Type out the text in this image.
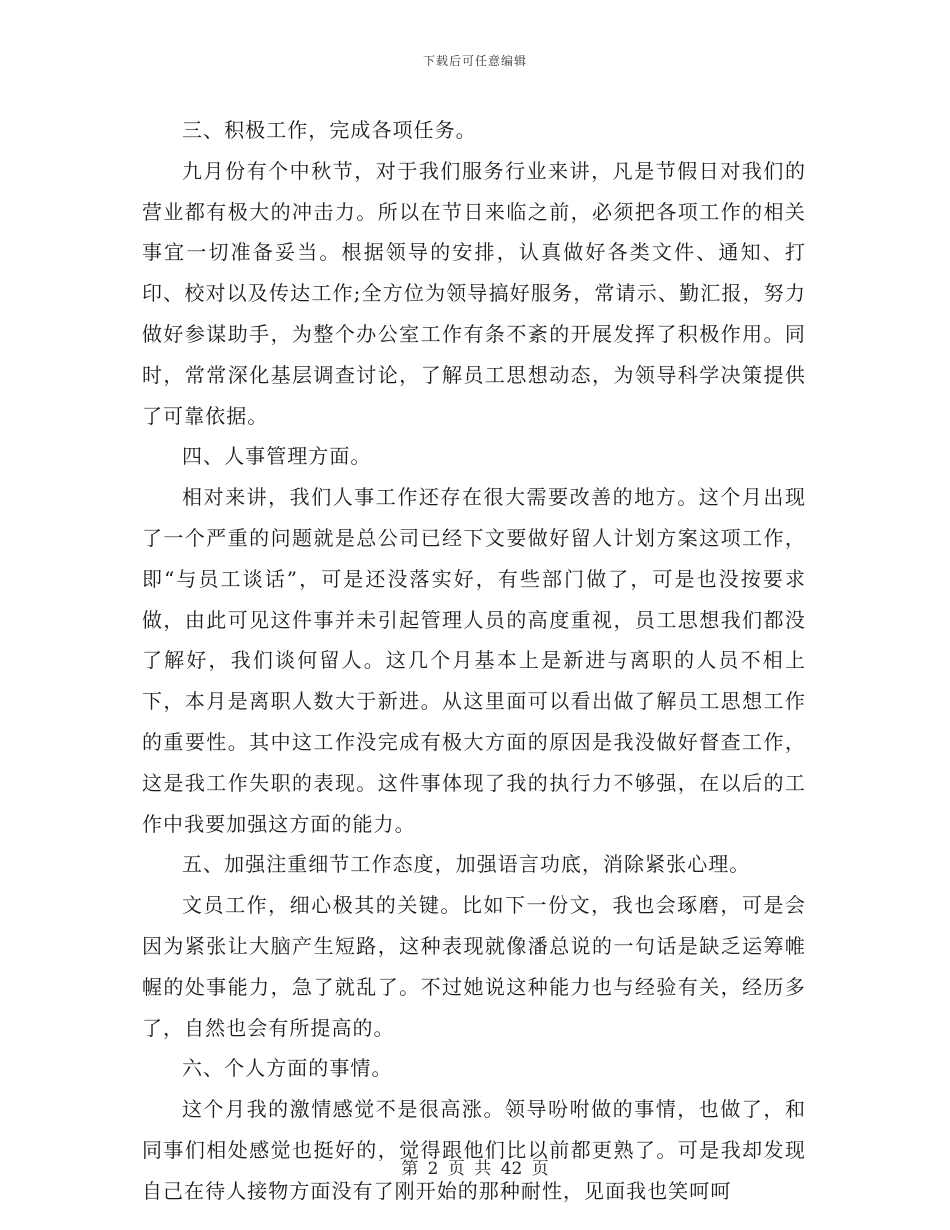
下载后可任意编辑

三、积极工作，完成各项任务。

九月份有个中秋节，对于我们服务行业来讲，凡是节假日对我们的营业都有极大的冲击力。所以在节日来临之前，必须把各项工作的相关事宜一切准备妥当。根据领导的安排，认真做好各类文件、通知、打印、校对以及传达工作;全方位为领导搞好服务，常请示、勤汇报，努力做好参谋助手，为整个办公室工作有条不紊的开展发挥了积极作用。同时，常常深化基层调查讨论，了解员工思想动态，为领导科学决策提供了可靠依据。

四、人事管理方面。

相对来讲，我们人事工作还存在很大需要改善的地方。这个月出现了一个严重的问题就是总公司已经下文要做好留人计划方案这项工作，即“与员工谈话”，可是还没落实好，有些部门做了，可是也没按要求做，由此可见这件事并未引起管理人员的高度重视，员工思想我们都没了解好，我们谈何留人。这几个月基本上是新进与离职的人员不相上下，本月是离职人数大于新进。从这里面可以看出做了解员工思想工作的重要性。其中这工作没完成有极大方面的原因是我没做好督查工作，这是我工作失职的表现。这件事体现了我的执行力不够强，在以后的工作中我要加强这方面的能力。

五、加强注重细节工作态度，加强语言功底，消除紧张心理。

文员工作，细心极其的关键。比如下一份文，我也会琢磨，可是会因为紧张让大脑产生短路，这种表现就像潘总说的一句话是缺乏运筹帷幄的处事能力，急了就乱了。不过她说这种能力也与经验有关，经历多了，自然也会有所提高的。

六、个人方面的事情。

这个月我的激情感觉不是很高涨。领导吩咐做的事情，也做了，和同事们相处感觉也挺好的，觉得跟他们比以前都更熟了。可是我却发现自己在待人接物方面没有了刚开始的那种耐性，见面我也笑呵呵

第 2 页 共 42 页
